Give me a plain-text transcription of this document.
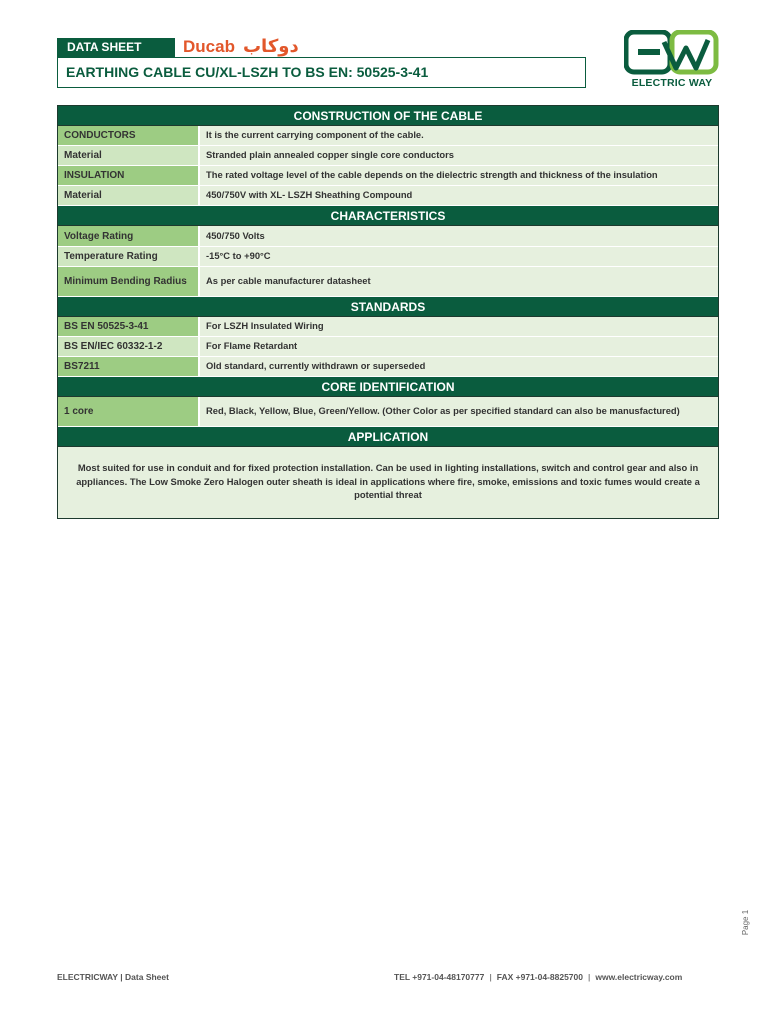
DATA SHEET	Ducab دوكاب
EARTHING CABLE CU/XL-LSZH TO BS EN: 50525-3-41
ELECTRIC WAY
CONSTRUCTION OF THE CABLE
CONDUCTORS	It is the current carrying component of the cable.
Material	Stranded plain annealed copper single core conductors
INSULATION	The rated voltage level of the cable depends on the dielectric strength and thickness of the insulation
Material	450/750V with XL- LSZH Sheathing Compound
CHARACTERISTICS
Voltage Rating	450/750 Volts
Temperature Rating	-15°C to +90°C
Minimum Bending Radius	As per cable manufacturer datasheet
STANDARDS
BS EN 50525-3-41	For LSZH Insulated Wiring
BS EN/IEC 60332-1-2	For Flame Retardant
BS7211	Old standard, currently withdrawn or superseded
CORE IDENTIFICATION
1 core	Red, Black, Yellow, Blue, Green/Yellow. (Other Color as per specified standard can also be manusfactured)
APPLICATION
Most suited for use in conduit and for fixed protection installation. Can be used in lighting installations, switch and control gear and also in appliances. The Low Smoke Zero Halogen outer sheath is ideal in applications where fire, smoke, emissions and toxic fumes would create a potential threat
Page 1
ELECTRICWAY | Data Sheet	TEL +971-04-48170777 | FAX +971-04-8825700 | www.electricway.com
